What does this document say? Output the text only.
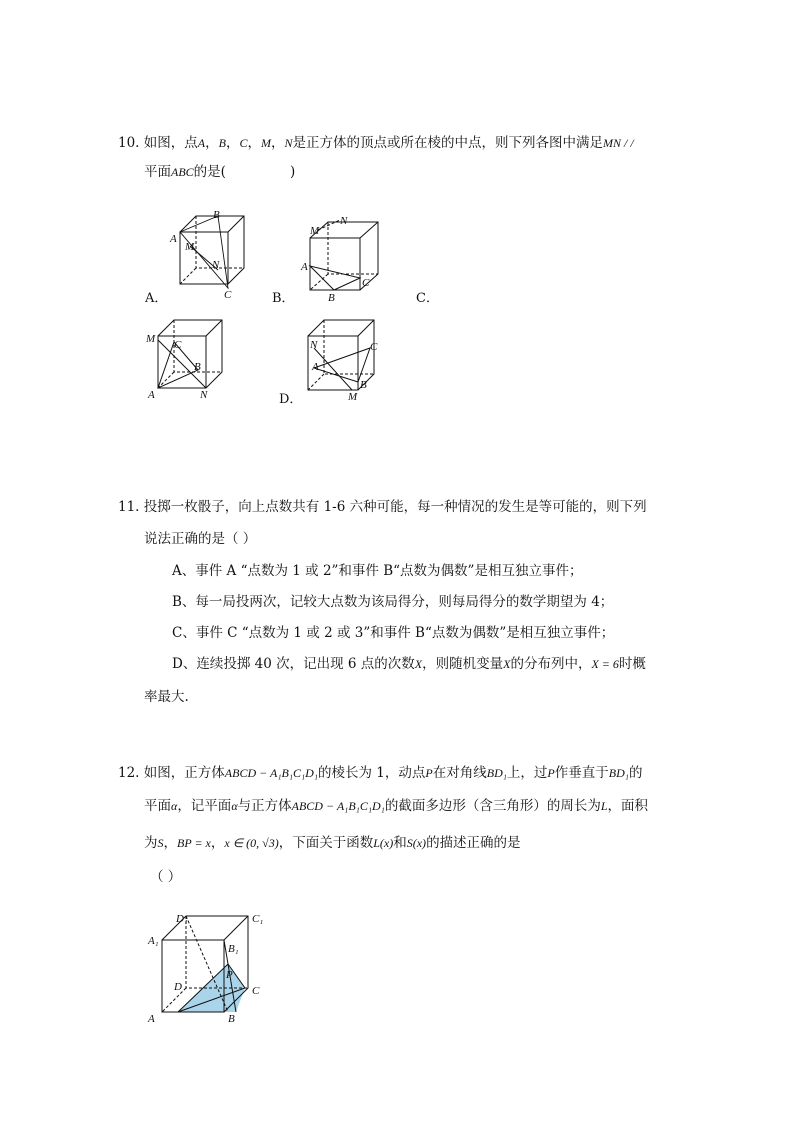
10. 如图，点A，B，C，M，N是正方体的顶点或所在棱的中点，则下列各图中满足MN / /
平面ABC的是(	)
B
A
M
N
C
A．
M
N
A
B
C
B．	C．
M C
B
A	N
N	C
A
B
M
D．
11. 投掷一枚骰子，向上点数共有 1-6 六种可能，每一种情况的发生是等可能的，则下列
说法正确的是（ ）
A、事件 A “点数为 1 或 2”和事件 B“点数为偶数”是相互独立事件；
B、每一局投两次，记较大点数为该局得分，则每局得分的数学期望为 4；
C、事件 C “点数为 1 或 2 或 3”和事件 B“点数为偶数”是相互独立事件；
D、连续投掷 40 次，记出现 6 点的次数X，则随机变量X的分布列中，X = 6时概
率最大.
12. 如图，正方体ABCD − A₁B₁C₁D₁的棱长为 1，动点P在对角线BD₁上，过P作垂直于BD₁的
平面α，记平面α与正方体ABCD − A₁B₁C₁D₁的截面多边形（含三角形）的周长为L，面积
为S，BP = x，x ∈ (0, √3)，下面关于函数L(x)和S(x)的描述正确的是
（ ）
D₁	C₁
A₁
B₁
D
P
C
A	B
